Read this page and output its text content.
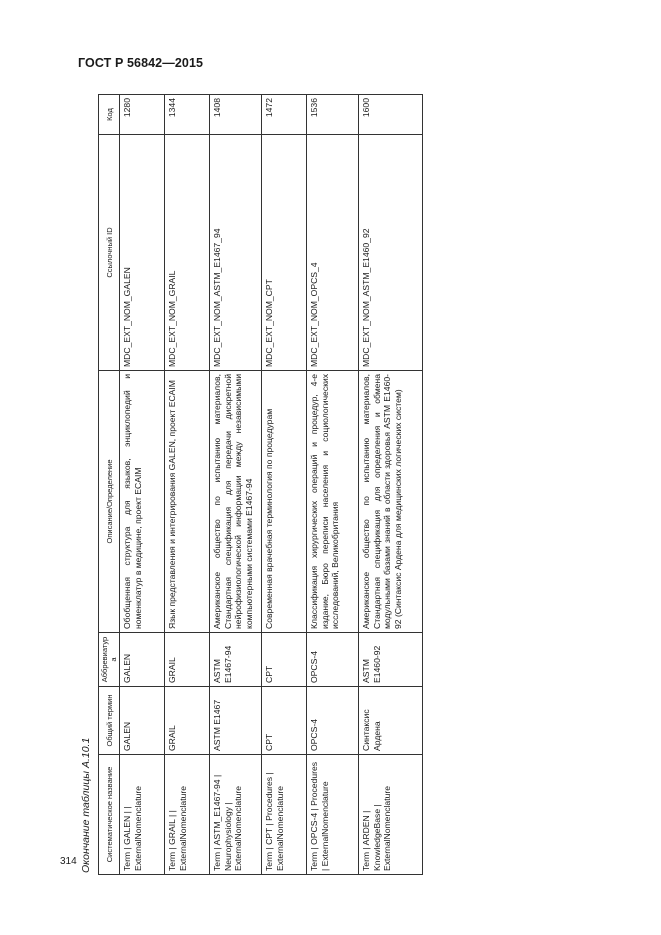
ГОСТ Р 56842—2015
314 Окончание таблицы А.10.1	Систематическое название	Общий термин	Аббревиатура	Описание/Определение	Ссылочный ID	Код
Term | GALEN | | ExternalNomenclature	GALEN	GALEN	Обобщенная структура для языков, энциклопедий и номенклатур в медицине, проект ECAIM	MDC_EXT_NOM_GALEN	1280
Term | GRAIL | | ExternalNomenclature	GRAIL	GRAIL	Язык представления и интегрирования GALEN, проект ECAIM	MDC_EXT_NOM_GRAIL	1344
Term | ASTM_E1467-94 | Neurophysiology | ExternalNomenclature	ASTM E1467	ASTM E1467-94	Американское общество по испытанию материалов, Стандартная спецификация для передачи дискретной нейрофизиологической информации между независимыми компьютерными системами E1467-94	MDC_EXT_NOM_ASTM_E1467_94	1408
Term | CPT | Procedures | ExternalNomenclature	CPT	CPT	Современная врачебная терминология по процедурам	MDC_EXT_NOM_CPT	1472
Term | OPCS-4 | Procedures | ExternalNomenclature	OPCS-4	OPCS-4	Классификация хирургических операций и процедур, 4-е издание, Бюро переписи населения и социологических исследований, Великобритания	MDC_EXT_NOM_OPCS_4	1536
Term | ARDEN | KnowledgeBase | ExternalNomenclature	Синтаксис Ардена	ASTM E1460-92	Американское общество по испытанию материалов, Стандартная спецификация для определения и обмена модульными базами знаний в области здоровья ASTM E1460-92 (Синтаксис Ардена для медицинских логических систем)	MDC_EXT_NOM_ASTM_E1460_92	1600
